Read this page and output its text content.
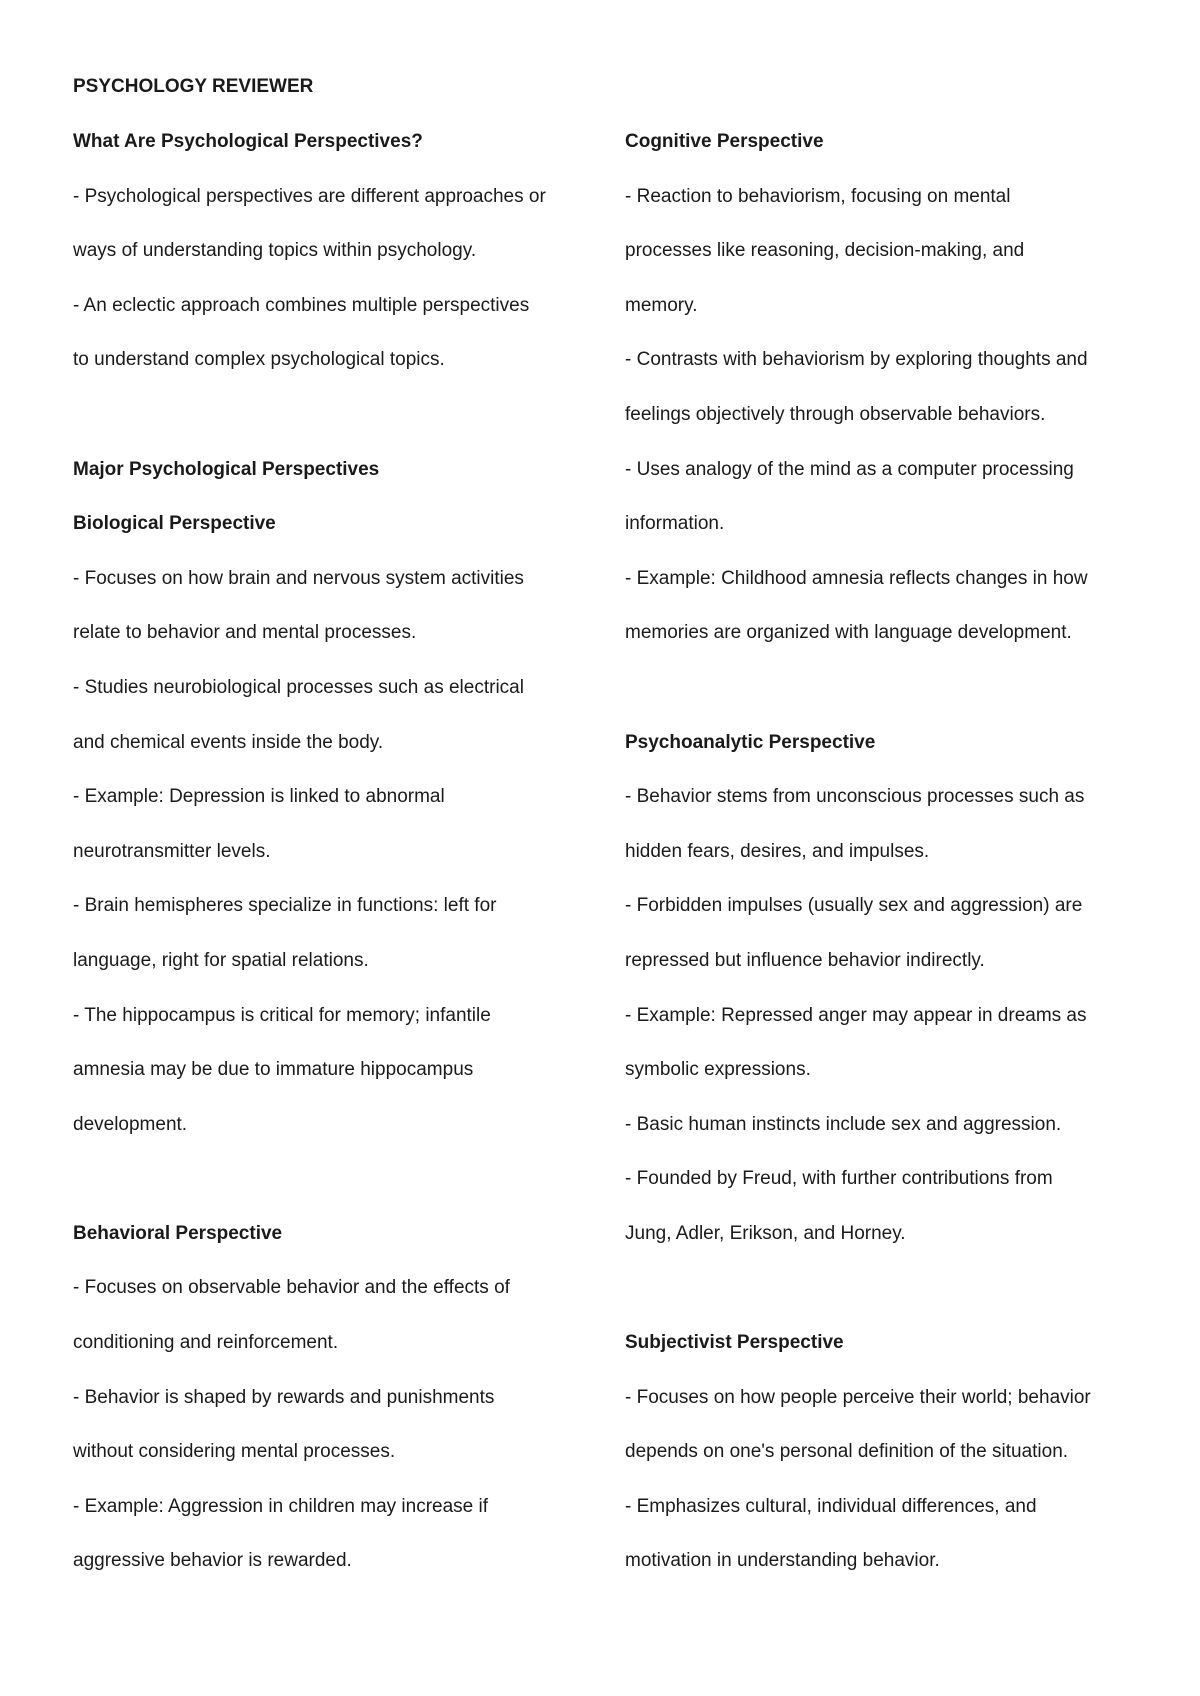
PSYCHOLOGY REVIEWER
What Are Psychological Perspectives?
- Psychological perspectives are different approaches or
ways of understanding topics within psychology.
- An eclectic approach combines multiple perspectives
to understand complex psychological topics.
Major Psychological Perspectives
Biological Perspective
- Focuses on how brain and nervous system activities
relate to behavior and mental processes.
- Studies neurobiological processes such as electrical
and chemical events inside the body.
- Example: Depression is linked to abnormal
neurotransmitter levels.
- Brain hemispheres specialize in functions: left for
language, right for spatial relations.
- The hippocampus is critical for memory; infantile
amnesia may be due to immature hippocampus
development.
Behavioral Perspective
- Focuses on observable behavior and the effects of
conditioning and reinforcement.
- Behavior is shaped by rewards and punishments
without considering mental processes.
- Example: Aggression in children may increase if
aggressive behavior is rewarded.
Cognitive Perspective
- Reaction to behaviorism, focusing on mental
processes like reasoning, decision-making, and
memory.
- Contrasts with behaviorism by exploring thoughts and
feelings objectively through observable behaviors.
- Uses analogy of the mind as a computer processing
information.
- Example: Childhood amnesia reflects changes in how
memories are organized with language development.
Psychoanalytic Perspective
- Behavior stems from unconscious processes such as
hidden fears, desires, and impulses.
- Forbidden impulses (usually sex and aggression) are
repressed but influence behavior indirectly.
- Example: Repressed anger may appear in dreams as
symbolic expressions.
- Basic human instincts include sex and aggression.
- Founded by Freud, with further contributions from
Jung, Adler, Erikson, and Horney.
Subjectivist Perspective
- Focuses on how people perceive their world; behavior
depends on one's personal definition of the situation.
- Emphasizes cultural, individual differences, and
motivation in understanding behavior.
